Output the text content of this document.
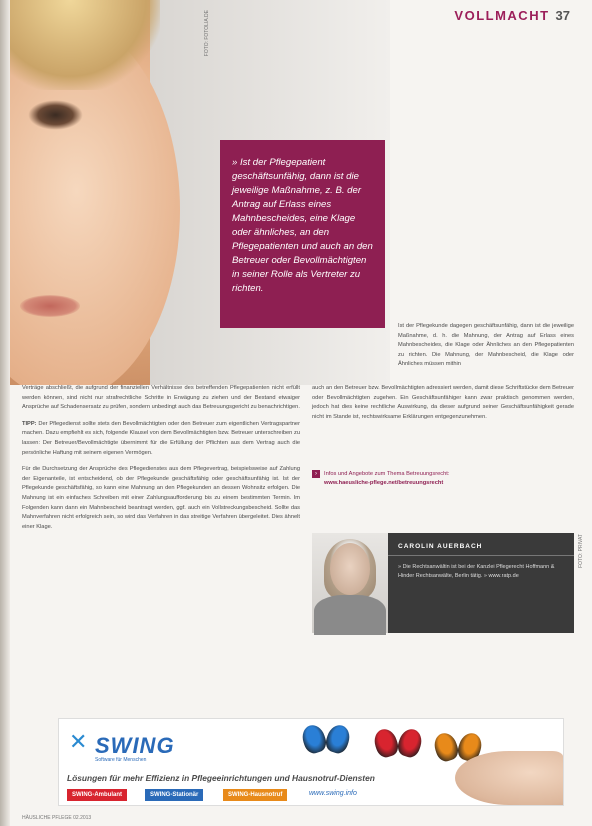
VOLLMACHT 37
FOTO: FOTOLIA.DE

» Ist der Pflegepatient geschäftsunfähig, dann ist die jeweilige Maßnahme, z. B. der Antrag auf Erlass eines Mahnbescheides, eine Klage oder ähnliches, an den Pflegepatienten und auch an den Betreuer oder Bevollmächtigten in seiner Rolle als Vertreter zu richten.

Ist der Pflegekunde dagegen geschäftsunfähig, dann ist die jeweilige Maßnahme, d. h. die Mahnung, der Antrag auf Erlass eines Mahnbescheides, die Klage oder Ähnliches an den Pflegepatienten zu richten. Die Mahnung, der Mahnbescheid, die Klage oder Ähnliches müssen mithin

Verträge abschließt, die aufgrund der finanziellen Verhältnisse des betreffenden Pflegepatienten nicht erfüllt werden können, sind nicht nur strafrechtliche Schritte in Erwägung zu ziehen und der Bestand etwaiger Ansprüche auf Schadensersatz zu prüfen, sondern unbedingt auch das Betreuungsgericht zu benachrichtigen.

TIPP: Der Pflegedienst sollte stets den Bevollmächtigten oder den Betreuer zum eigentlichen Vertragspartner machen. Dazu empfiehlt es sich, folgende Klausel von dem Bevollmächtigten bzw. Betreuer unterschreiben zu lassen: Der Betreuer/Bevollmächtigte übernimmt für die Erfüllung der Pflichten aus dem Vertrag auch die persönliche Haftung mit seinem eigenen Vermögen.

Für die Durchsetzung der Ansprüche des Pflegedienstes aus dem Pflegevertrag, beispielsweise auf Zahlung der Eigenanteile, ist entscheidend, ob der Pflegekunde geschäftsfähig oder geschäftsunfähig ist. Ist der Pflegekunde geschäftsfähig, so kann eine Mahnung an den Pflegekunden an dessen Wohnsitz erfolgen. Die Mahnung ist ein einfaches Schreiben mit einer Zahlungsaufforderung bis zu einem bestimmten Termin. Im Folgenden kann dann ein Mahnbescheid beantragt werden, ggf. auch ein Vollstreckungsbescheid. Sollte das Mahnverfahren nicht erfolgreich sein, so wird das Verfahren in das streitige Verfahren übergeleitet. Dies ähnelt einer Klage.

auch an den Betreuer bzw. Bevollmächtigten adressiert werden, damit diese Schriftstücke dem Betreuer oder Bevollmächtigten zugehen. Ein Geschäftsunfähiger kann zwar praktisch genommen werden, jedoch hat dies keine rechtliche Auswirkung, da dieser aufgrund seiner Geschäftsunfähigkeit gerade nicht im Stande ist, rechtswirksame Erklärungen entgegenzunehmen.

› Infos und Angebote zum Thema Betreuungsrecht:
www.haeusliche-pflege.net/betreuungsrecht
CAROLIN AUERBACH
» Die Rechtsanwältin ist bei der Kanzlei Pflegerecht Hoffmann & Hinder Rechtsanwälte, Berlin tätig. » www.ratp.de
FOTO: PRIVAT
✕ SWING
Software für Menschen
Lösungen für mehr Effizienz in Pflegeeinrichtungen und Hausnotruf-Diensten
SWING-Ambulant	SWING-Stationär	SWING-Hausnotruf	www.swing.info
HÄUSLICHE PFLEGE 02.2013
